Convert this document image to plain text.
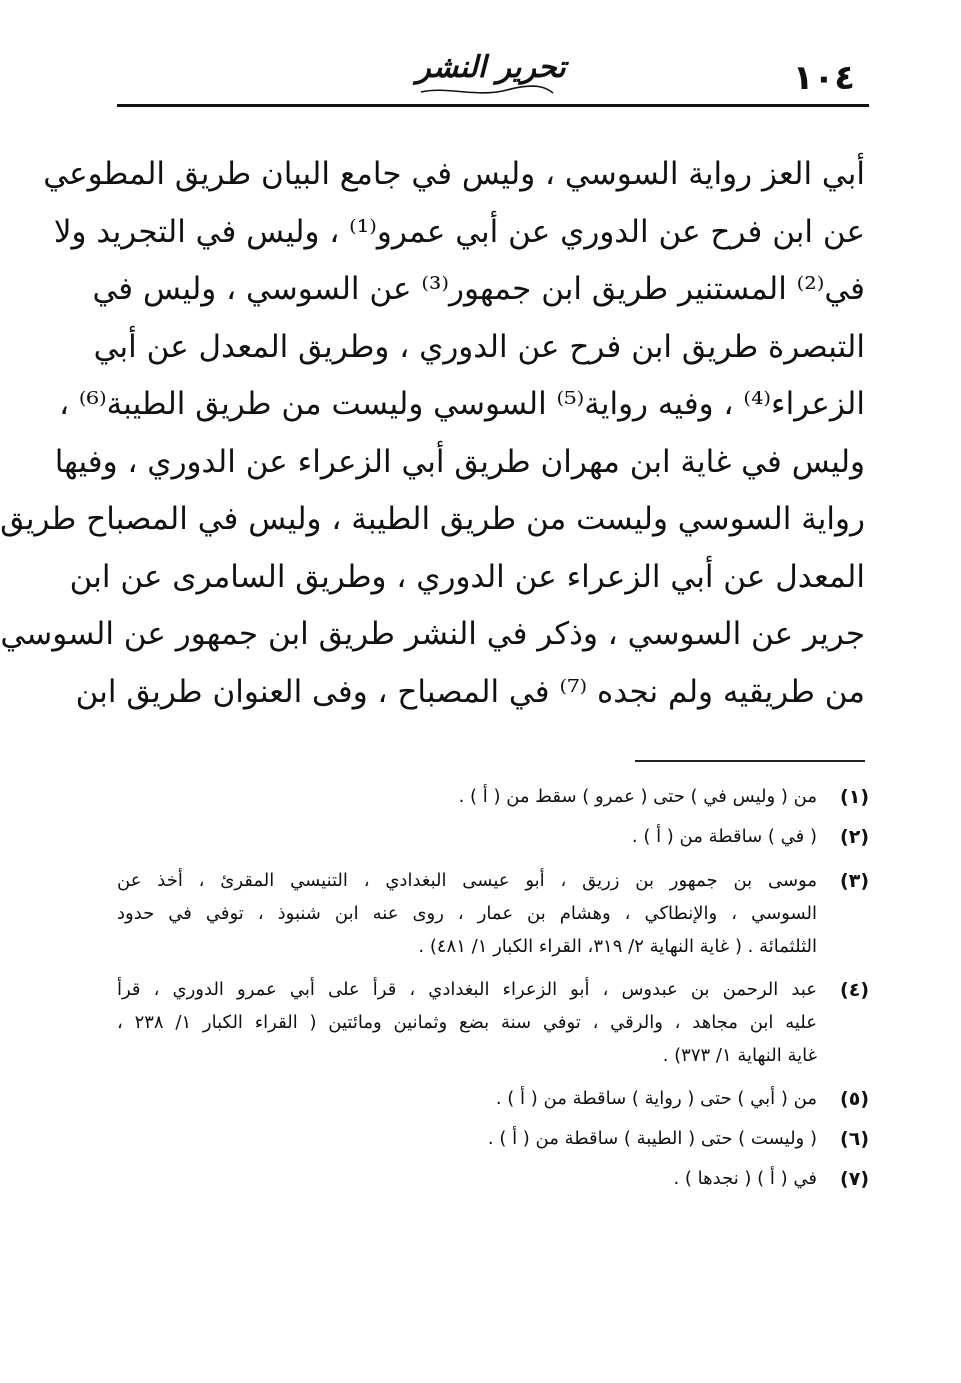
١٠٤
تحرير النشر
أبي العز رواية السوسي ، وليس في جامع البيان طريق المطوعي
عن ابن فرح عن الدوري عن أبي عمرو⁽¹⁾ ، وليس في التجريد ولا
في⁽²⁾ المستنير طريق ابن جمهور⁽³⁾ عن السوسي ، وليس في
التبصرة طريق ابن فرح عن الدوري ، وطريق المعدل عن أبي
الزعراء⁽⁴⁾ ، وفيه رواية⁽⁵⁾ السوسي وليست من طريق الطيبة⁽⁶⁾ ،
وليس في غاية ابن مهران طريق أبي الزعراء عن الدوري ، وفيها
رواية السوسي وليست من طريق الطيبة ، وليس في المصباح طريق
المعدل عن أبي الزعراء عن الدوري ، وطريق السامرى عن ابن
جرير عن السوسي ، وذكر في النشر طريق ابن جمهور عن السوسي
من طريقيه ولم نجده ⁽⁷⁾ في المصباح ، وفى العنوان طريق ابن
(١)
من ( وليس في ) حتى ( عمرو ) سقط من ( أ ) .
(٢)
( في ) ساقطة من ( أ ) .
(٣)
موسى بن جمهور بن زريق ، أبو عيسى البغدادي ، التنيسي المقرئ ، أخذ عن
السوسي ، والإنطاكي ، وهشام بن عمار ، روى عنه ابن شنبوذ ، توفي في حدود
الثلثمائة . ( غاية النهاية ٢/ ٣١٩، القراء الكبار ١/ ٤٨١) .
(٤)
عبد الرحمن بن عبدوس ، أبو الزعراء البغدادي ، قرأ على أبي عمرو الدوري ، قرأ
عليه ابن مجاهد ، والرقي ، توفي سنة بضع وثمانين ومائتين ( القراء الكبار ١/ ٢٣٨ ،
غاية النهاية ١/ ٣٧٣) .
(٥)
من ( أبي ) حتى ( رواية ) ساقطة من ( أ ) .
(٦)
( وليست ) حتى ( الطيبة ) ساقطة من ( أ ) .
(٧)
في ( أ ) ( نجدها ) .
